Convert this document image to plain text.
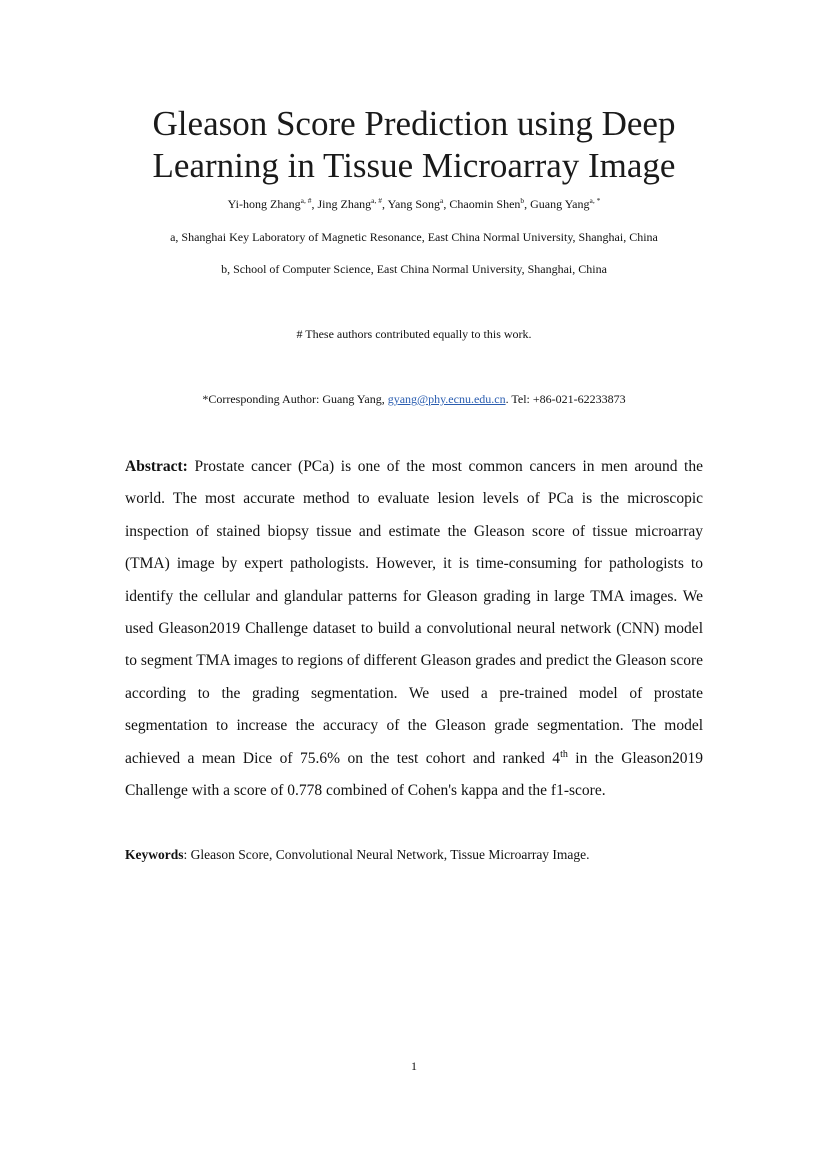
Gleason Score Prediction using Deep
Learning in Tissue Microarray Image
Yi-hong Zhang$^{a, \#}$, Jing Zhang$^{a, \#}$, Yang Song$^a$, Chaomin Shen$^b$, Guang Yang$^{a, *}$
a, Shanghai Key Laboratory of Magnetic Resonance, East China Normal University, Shanghai, China
b, School of Computer Science, East China Normal University, Shanghai, China
# These authors contributed equally to this work.
*Corresponding Author: Guang Yang, gyang@phy.ecnu.edu.cn. Tel: +86-021-62233873

Abstract: Prostate cancer (PCa) is one of the most common cancers in men around the world. The most accurate method to evaluate lesion levels of PCa is the microscopic inspection of stained biopsy tissue and estimate the Gleason score of tissue microarray (TMA) image by expert pathologists. However, it is time-consuming for pathologists to identify the cellular and glandular patterns for Gleason grading in large TMA images. We used Gleason2019 Challenge dataset to build a convolutional neural network (CNN) model to segment TMA images to regions of different Gleason grades and predict the Gleason score according to the grading segmentation. We used a pre-trained model of prostate segmentation to increase the accuracy of the Gleason grade segmentation. The model achieved a mean Dice of 75.6% on the test cohort and ranked 4th in the Gleason2019 Challenge with a score of 0.778 combined of Cohen's kappa and the f1-score.

Keywords: Gleason Score, Convolutional Neural Network, Tissue Microarray Image.
1
